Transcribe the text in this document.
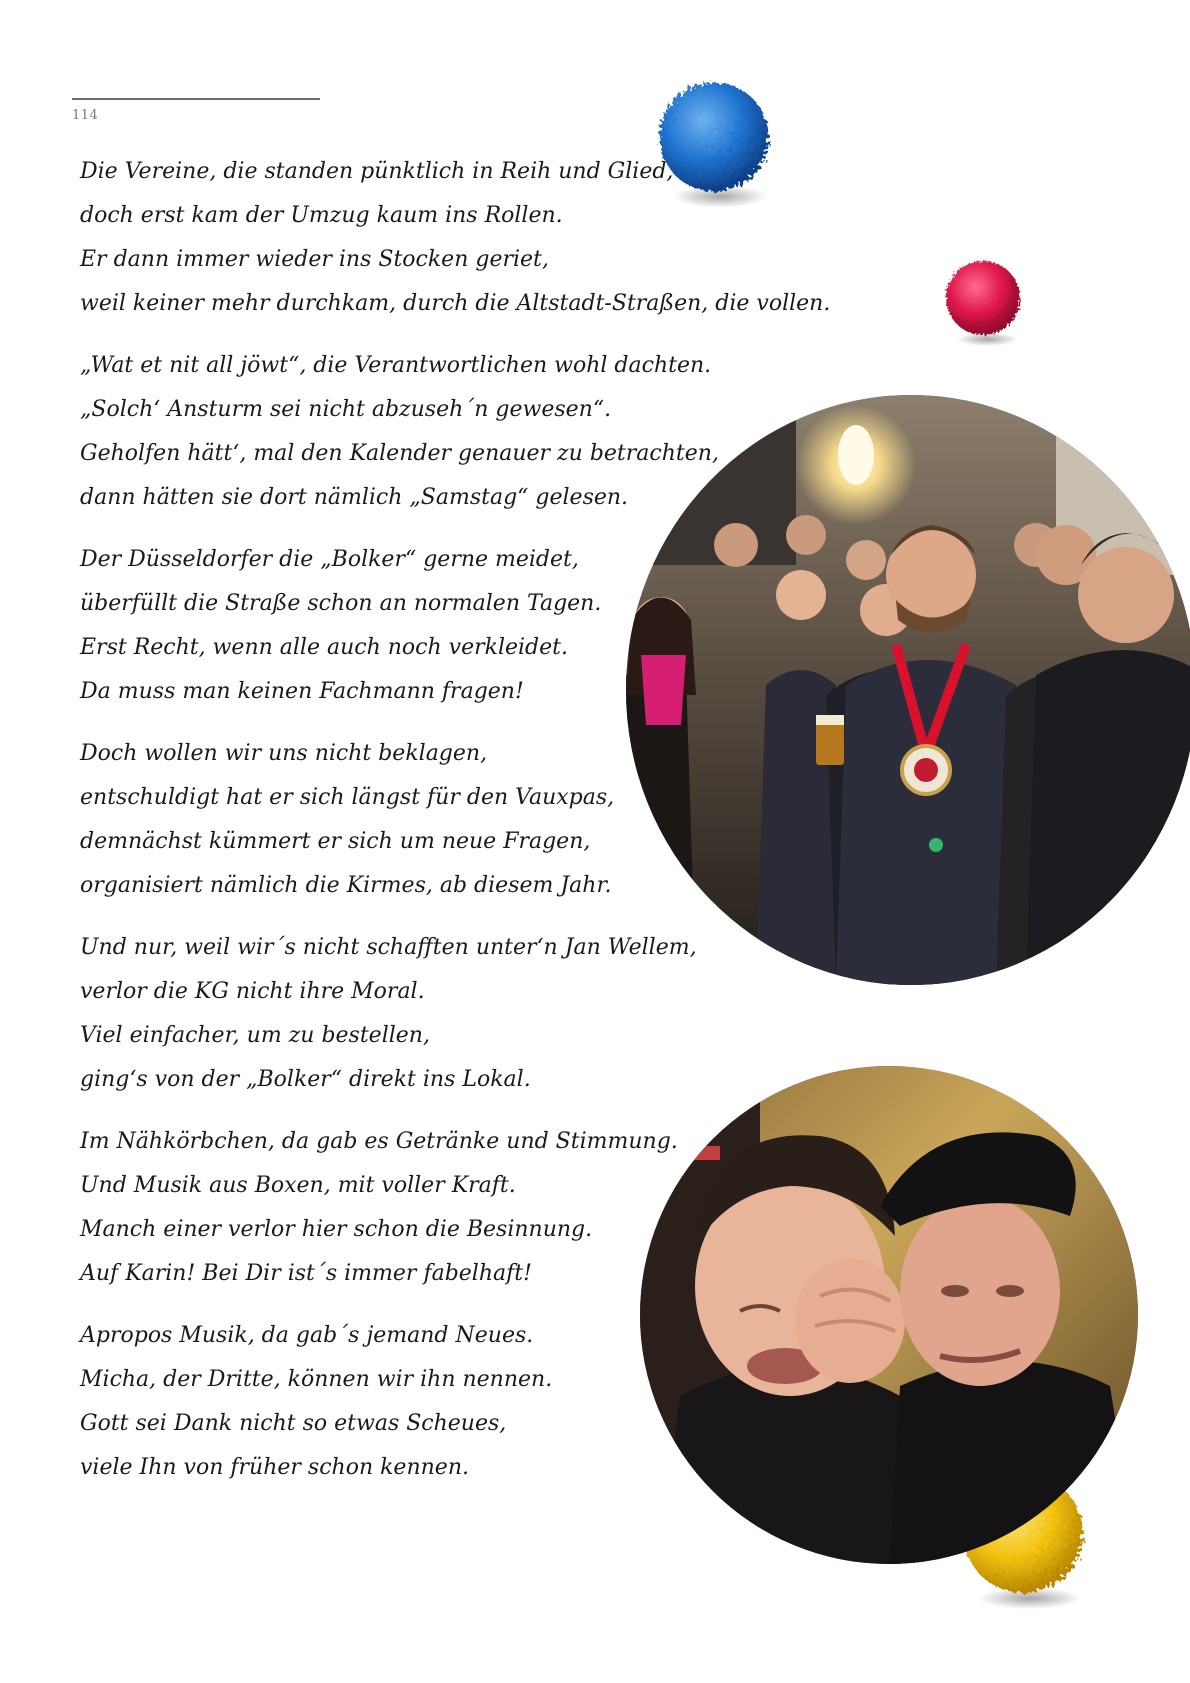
114
Die Vereine, die standen pünktlich in Reih und Glied,
doch erst kam der Umzug kaum ins Rollen.
Er dann immer wieder ins Stocken geriet,
weil keiner mehr durchkam, durch die Altstadt-Straßen, die vollen.
„Wat et nit all jöwt“, die Verantwortlichen wohl dachten.
„Solch‘ Ansturm sei nicht abzuseh´n gewesen“.
Geholfen hätt‘, mal den Kalender genauer zu betrachten,
dann hätten sie dort nämlich „Samstag“ gelesen.
Der Düsseldorfer die „Bolker“ gerne meidet,
überfüllt die Straße schon an normalen Tagen.
Erst Recht, wenn alle auch noch verkleidet.
Da muss man keinen Fachmann fragen!
Doch wollen wir uns nicht beklagen,
entschuldigt hat er sich längst für den Vauxpas,
demnächst kümmert er sich um neue Fragen,
organisiert nämlich die Kirmes, ab diesem Jahr.
Und nur, weil wir´s nicht schafften unter‘n Jan Wellem,
verlor die KG nicht ihre Moral.
Viel einfacher, um zu bestellen,
ging‘s von der „Bolker“ direkt ins Lokal.
Im Nähkörbchen, da gab es Getränke und Stimmung.
Und Musik aus Boxen, mit voller Kraft.
Manch einer verlor hier schon die Besinnung.
Auf Karin! Bei Dir ist´s immer fabelhaft!
Apropos Musik, da gab´s jemand Neues.
Micha, der Dritte, können wir ihn nennen.
Gott sei Dank nicht so etwas Scheues,
viele Ihn von früher schon kennen.
